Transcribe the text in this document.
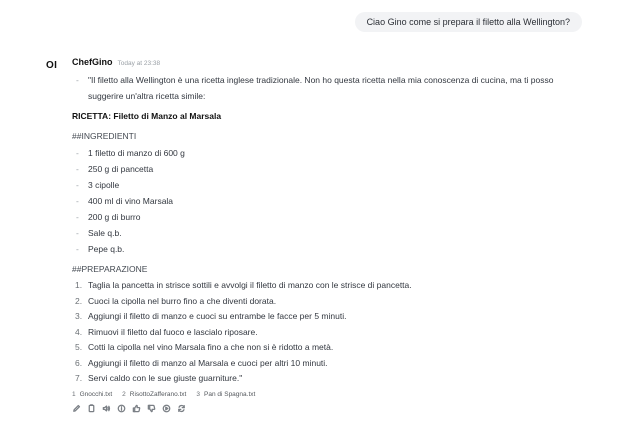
Ciao Gino come si prepara il filetto alla Wellington?
OI ChefGino Today at 23:38
-	"Il filetto alla Wellington è una ricetta inglese tradizionale. Non ho questa ricetta nella mia conoscenza di cucina, ma ti posso suggerire un'altra ricetta simile:
RICETTA: Filetto di Manzo al Marsala
##INGREDIENTI
-	1 filetto di manzo di 600 g
-	250 g di pancetta
-	3 cipolle
-	400 ml di vino Marsala
-	200 g di burro
-	Sale q.b.
-	Pepe q.b.
##PREPARAZIONE
1. Taglia la pancetta in strisce sottili e avvolgi il filetto di manzo con le strisce di pancetta.
2. Cuoci la cipolla nel burro fino a che diventi dorata.
3. Aggiungi il filetto di manzo e cuoci su entrambe le facce per 5 minuti.
4. Rimuovi il filetto dal fuoco e lascialo riposare.
5. Cotti la cipolla nel vino Marsala fino a che non si è ridotto a metà.
6. Aggiungi il filetto di manzo al Marsala e cuoci per altri 10 minuti.
7. Servi caldo con le sue giuste guarniture."
1 Gnocchi.txt 2 RisottoZafferano.txt 3 Pan di Spagna.txt
